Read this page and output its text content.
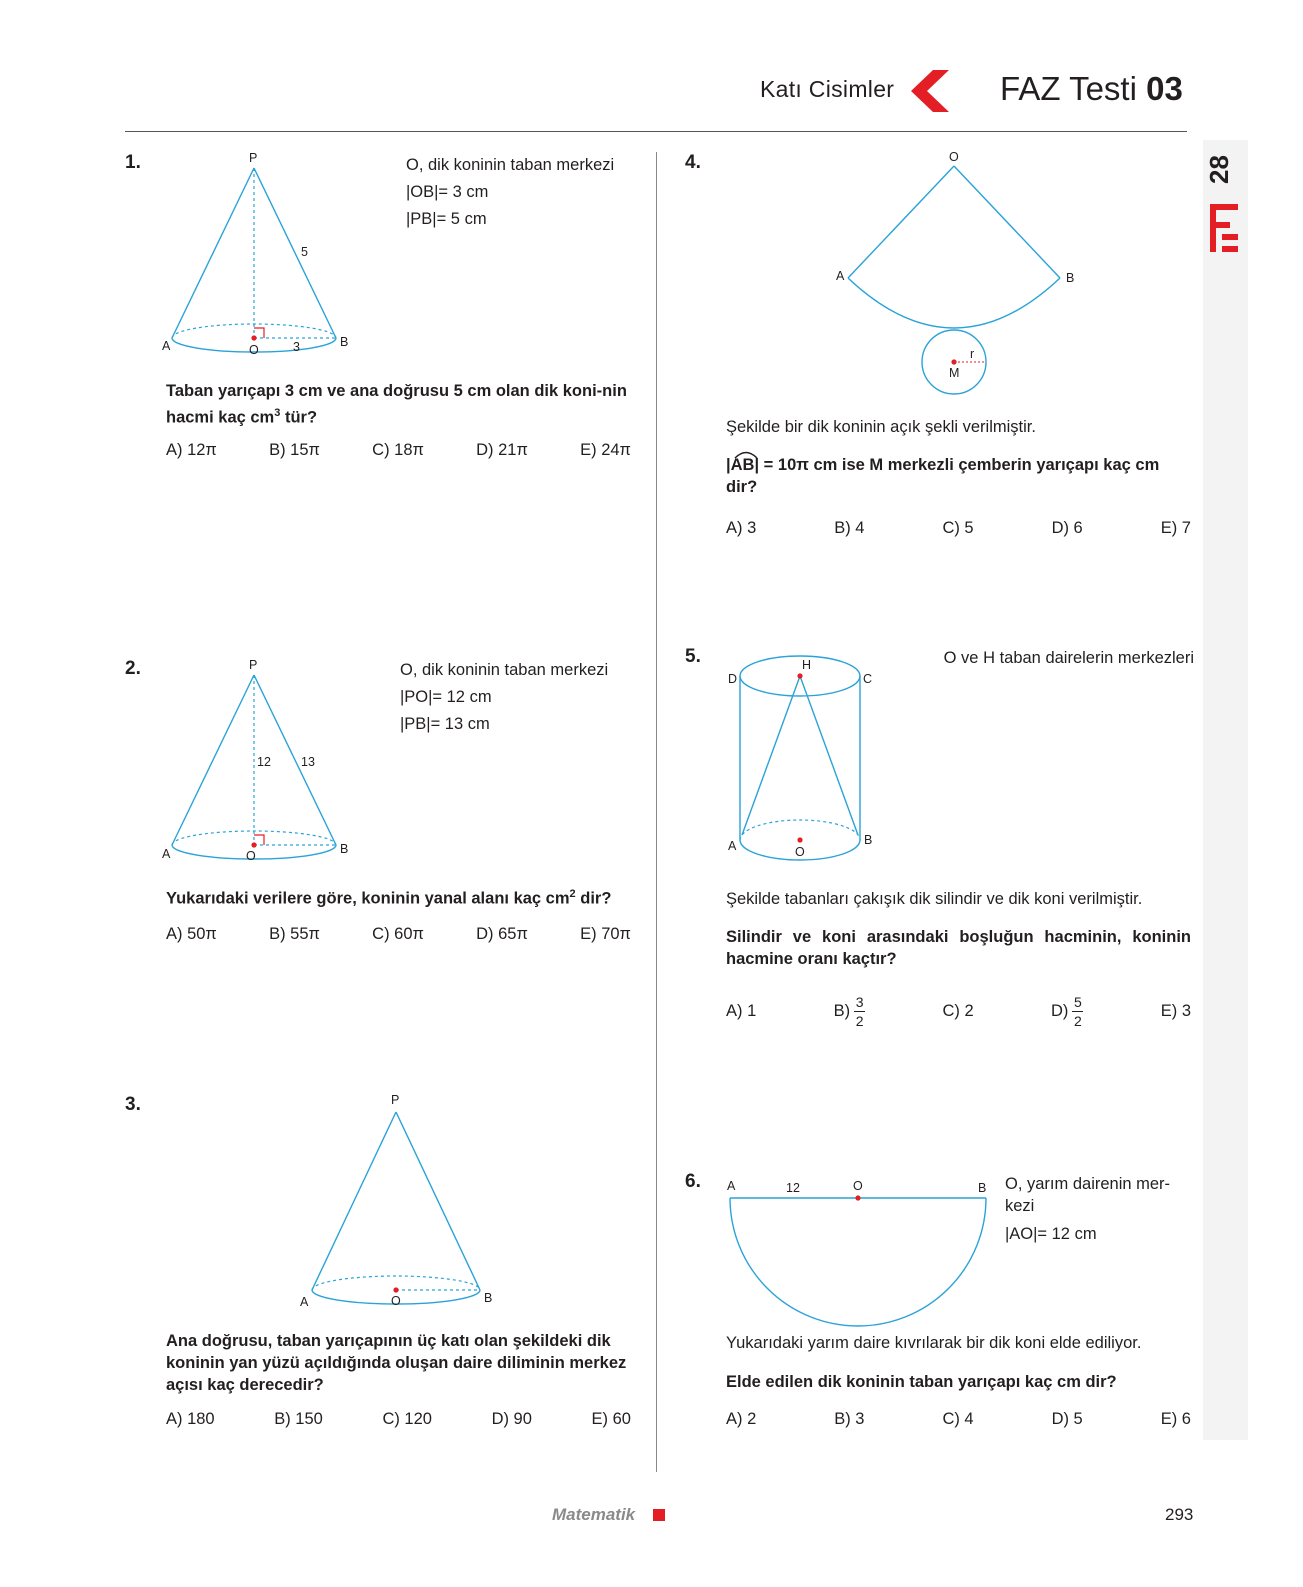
Katı Cisimler	FAZ Testi 03
28
1.	P
A	O	3	B
5
O, dik koninin taban merkezi
|OB|= 3 cm
|PB|= 5 cm
Taban yarıçapı 3 cm ve ana doğrusu 5 cm olan dik koni-nin hacmi kaç $cm^3$ tür?
A) 12π	B) 15π	C) 18π	D) 21π	E) 24π
2.	P
A	O	B
12 13
O, dik koninin taban merkezi
|PO|= 12 cm
|PB|= 13 cm
Yukarıdaki verilere göre, koninin yanal alanı kaç $cm^2$ dir?
A) 50π	B) 55π	C) 60π	D) 65π	E) 70π
3.	P
A	O	B
Ana doğrusu, taban yarıçapının üç katı olan şekildeki dik koninin yan yüzü açıldığında oluşan daire diliminin merkez açısı kaç derecedir?
A) 180	B) 150	C) 120	D) 90	E) 60
4.	O
A	B
M
r
Şekilde bir dik koninin açık şekli verilmiştir.
|AB| = 10π cm ise M merkezli çemberin yarıçapı kaç cm dir?
A) 3	B) 4	C) 5	D) 6	E) 7
5.	H
D	C
A	O
B
O ve H taban dairelerin merkezleri
Şekilde tabanları çakışık dik silindir ve dik koni verilmiştir.
Silindir ve koni arasındaki boşluğun hacminin, koninin hacmine oranı kaçtır?
A) 1	$B) \frac{3}{2}$	C) 2	$D) \frac{5}{2}$	E) 3
6. A	12	O	B O, yarım dairenin mer-
kezi
|AO|= 12 cm
Yukarıdaki yarım daire kıvrılarak bir dik koni elde ediliyor.
Elde edilen dik koninin taban yarıçapı kaç cm dir?
A) 2	B) 3	C) 4	D) 5	E) 6
Matematik	293
